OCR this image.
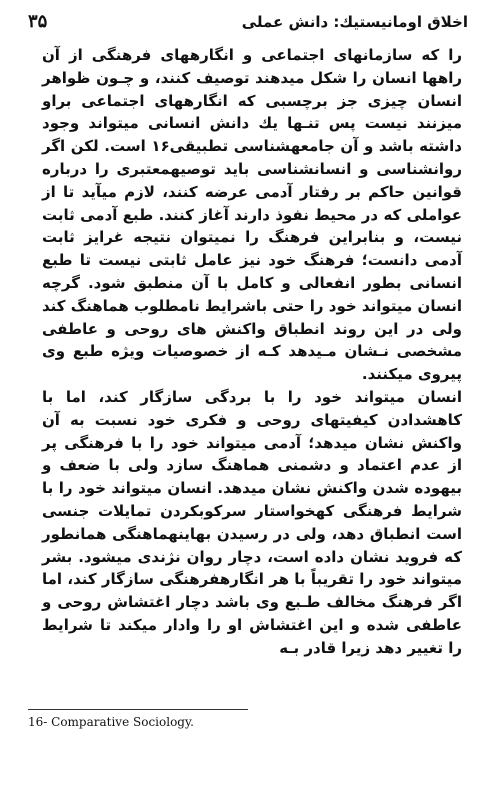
۳۵	اخلاق اومانیستیك: دانش عملی

را که سازمانهای اجتماعی و انگارههای فرهنگی از آن راهها انسان را شکل میدهند توصیف کنند، و چـون ظواهر انسان چیزی جز برچسبی که انگارههای اجتماعی براو میزنند نیست پس تنـها یك دانش انسانی میتواند وجود داشته باشد و آن جامعهشناسی تطبیقی۱۶ است. لکن اگر روانشناسی و انسانشناسی باید توصیهمعتبری را درباره قوانین حاکم بر رفتار آدمی عرضه کنند، لازم میآید تا از عواملی که در محیط نفوذ دارند آغاز کنند. طبع آدمی ثابت نیست، و بنابراین فرهنگ را نمیتوان نتیجه غرایز ثابت آدمی دانست؛ فرهنگ خود نیز عامل ثابتی نیست تا طبع انسانی بطور انفعالی و کامل با آن منطبق شود. گرچه انسان میتواند خود را حتی باشرایط نامطلوب هماهنگ کند ولی در این روند انطباق واکنش های روحی و عاطفی مشخصی نـشان مـیدهد کـه از خصوصیات ویژه طبع وی پیروی میکنند.

انسان میتواند خود را با بردگی سازگار کند، اما با کاهشدادن کیفیتهای روحی و فکری خود نسبت به آن واکنش نشان میدهد؛ آدمی میتواند خود را با فرهنگی پر از عدم اعتماد و دشمنی هماهنگ سازد ولی با ضعف و بیهوده شدن واکنش نشان میدهد. انسان میتواند خود را با شرایط فرهنگی کهخواستار سرکوبکردن تمایلات جنسی است انطباق دهد، ولی در رسیدن بهاینهماهنگی همانطور که فروید نشان داده است، دچار روان نژندی میشود. بشر میتواند خود را تقریباً با هر انگارهفرهنگی سازگار کند، اما اگر فرهنگ مخالف طـبع وی باشد دچار اغتشاش روحی و عاطفی شده و این اغتشاش او را وادار میکند تا شرایط را تغییر دهد زیرا قادر بـه

16- Comparative Sociology.
